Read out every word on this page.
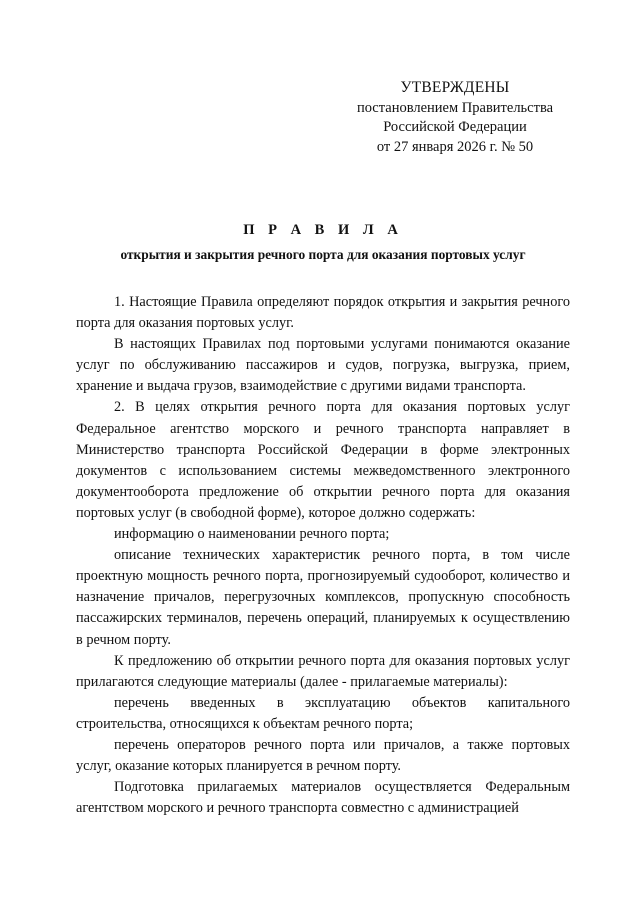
УТВЕРЖДЕНЫ
постановлением Правительства
Российской Федерации
от 27 января 2026 г. № 50
П Р А В И Л А
открытия и закрытия речного порта для оказания портовых услуг

1. Настоящие Правила определяют порядок открытия и закрытия речного порта для оказания портовых услуг.

В настоящих Правилах под портовыми услугами понимаются оказание услуг по обслуживанию пассажиров и судов, погрузка, выгрузка, прием, хранение и выдача грузов, взаимодействие с другими видами транспорта.

2. В целях открытия речного порта для оказания портовых услуг Федеральное агентство морского и речного транспорта направляет в Министерство транспорта Российской Федерации в форме электронных документов с использованием системы межведомственного электронного документооборота предложение об открытии речного порта для оказания портовых услуг (в свободной форме), которое должно содержать:

информацию о наименовании речного порта;

описание технических характеристик речного порта, в том числе проектную мощность речного порта, прогнозируемый судооборот, количество и назначение причалов, перегрузочных комплексов, пропускную способность пассажирских терминалов, перечень операций, планируемых к осуществлению в речном порту.

К предложению об открытии речного порта для оказания портовых услуг прилагаются следующие материалы (далее - прилагаемые материалы):

перечень введенных в эксплуатацию объектов капитального строительства, относящихся к объектам речного порта;

перечень операторов речного порта или причалов, а также портовых услуг, оказание которых планируется в речном порту.

Подготовка прилагаемых материалов осуществляется Федеральным агентством морского и речного транспорта совместно с администрацией
